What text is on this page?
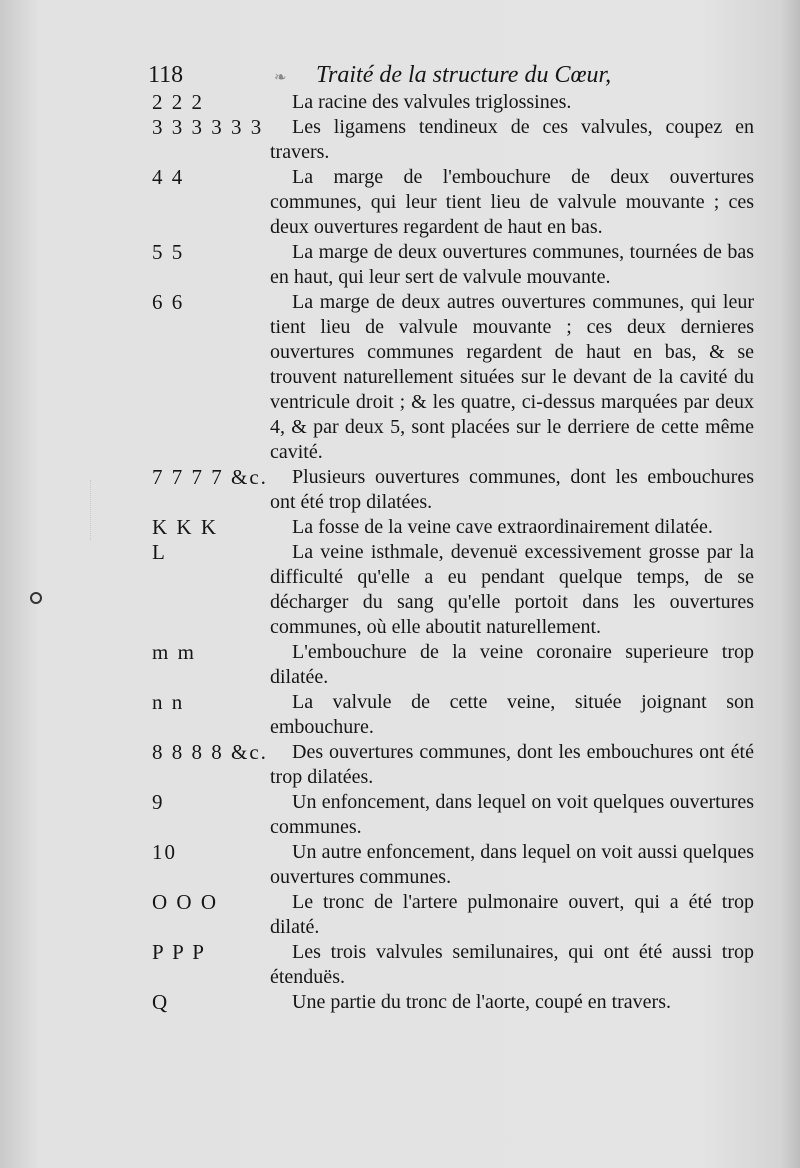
118	❧ Traité de la structure du Cœur,
2 2 2	La racine des valvules triglossines.
3 3 3 3 3 3	Les ligamens tendineux de ces valvules, coupez en travers.
4 4	La marge de l'embouchure de deux ouvertures communes, qui leur tient lieu de valvule mouvante ; ces deux ouvertures regardent de haut en bas.
5 5	La marge de deux ouvertures communes, tournées de bas en haut, qui leur sert de valvule mouvante.
6 6	La marge de deux autres ouvertures communes, qui leur tient lieu de valvule mouvante ; ces deux dernieres ouvertures communes regardent de haut en bas, & se trouvent naturellement situées sur le devant de la cavité du ventricule droit ; & les quatre, ci-dessus marquées par deux 4, & par deux 5, sont placées sur le derriere de cette même cavité.
7 7 7 7 &c.	Plusieurs ouvertures communes, dont les embouchures ont été trop dilatées.
K K K	La fosse de la veine cave extraordinairement dilatée.
L	La veine isthmale, devenuë excessivement grosse par la difficulté qu'elle a eu pendant quelque temps, de se décharger du sang qu'elle portoit dans les ouvertures communes, où elle aboutit naturellement.
m m	L'embouchure de la veine coronaire superieure trop dilatée.
n n	La valvule de cette veine, située joignant son embouchure.
8 8 8 8 &c.	Des ouvertures communes, dont les embouchures ont été trop dilatées.
9	Un enfoncement, dans lequel on voit quelques ouvertures communes.
10	Un autre enfoncement, dans lequel on voit aussi quelques ouvertures communes.
O O O	Le tronc de l'artere pulmonaire ouvert, qui a été trop dilaté.
P P P	Les trois valvules semilunaires, qui ont été aussi trop étenduës.
Q	Une partie du tronc de l'aorte, coupé en travers.
